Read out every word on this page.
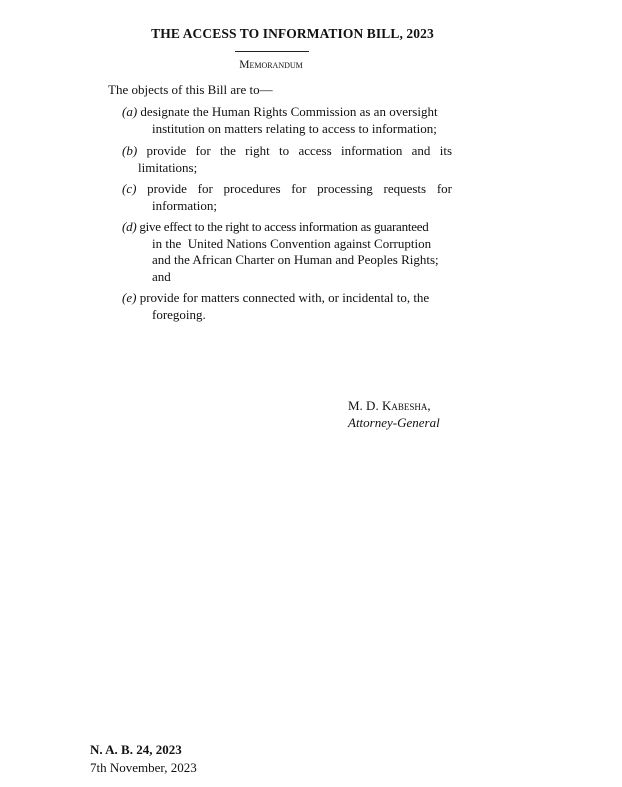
THE ACCESS TO INFORMATION BILL, 2023
Memorandum
The objects of this Bill are to—
(a) designate the Human Rights Commission as an oversight
institution on matters relating to access to information;
(b) provide for the right to access information and its
limitations;
(c) provide for procedures for processing requests for
information;
(d) give effect to the right to access information as guaranteed
in the  United Nations Convention against Corruption
and the African Charter on Human and Peoples Rights;
and
(e) provide for matters connected with, or incidental to, the
foregoing.
M. D. Kabesha,
Attorney-General
N. A. B. 24, 2023
7th November, 2023
